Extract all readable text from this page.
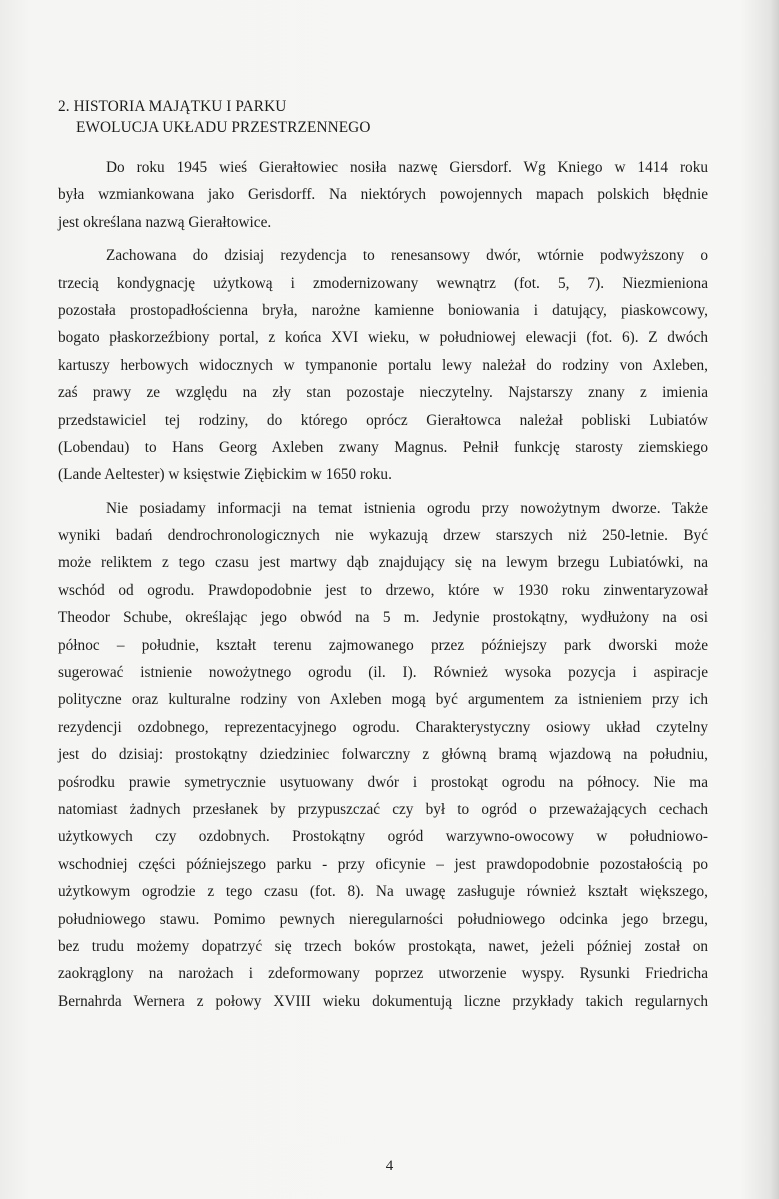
2. HISTORIA MAJĄTKU I PARKU
EWOLUCJA UKŁADU PRZESTRZENNEGO
Do roku 1945 wieś Gierałtowiec nosiła nazwę Giersdorf. Wg Kniego w 1414 roku
była wzmiankowana jako Gerisdorff. Na niektórych powojennych mapach polskich błędnie
jest określana nazwą Gierałtowice.
Zachowana do dzisiaj rezydencja to renesansowy dwór, wtórnie podwyższony o
trzecią kondygnację użytkową i zmodernizowany wewnątrz (fot. 5, 7). Niezmieniona
pozostała prostopadłościenna bryła, narożne kamienne boniowania i datujący, piaskowcowy,
bogato płaskorzeźbiony portal, z końca XVI wieku, w południowej elewacji (fot. 6). Z dwóch
kartuszy herbowych widocznych w tympanonie portalu lewy należał do rodziny von Axleben,
zaś prawy ze względu na zły stan pozostaje nieczytelny. Najstarszy znany z imienia
przedstawiciel tej rodziny, do którego oprócz Gierałtowca należał pobliski Lubiatów
(Lobendau) to Hans Georg Axleben zwany Magnus. Pełnił funkcję starosty ziemskiego
(Lande Aeltester) w księstwie Ziębickim w 1650 roku.
Nie posiadamy informacji na temat istnienia ogrodu przy nowożytnym dworze. Także
wyniki badań dendrochronologicznych nie wykazują drzew starszych niż 250-letnie. Być
może reliktem z tego czasu jest martwy dąb znajdujący się na lewym brzegu Lubiatówki, na
wschód od ogrodu. Prawdopodobnie jest to drzewo, które w 1930 roku zinwentaryzował
Theodor Schube, określając jego obwód na 5 m. Jedynie prostokątny, wydłużony na osi
północ – południe, kształt terenu zajmowanego przez późniejszy park dworski może
sugerować istnienie nowożytnego ogrodu (il. I). Również wysoka pozycja i aspiracje
polityczne oraz kulturalne rodziny von Axleben mogą być argumentem za istnieniem przy ich
rezydencji ozdobnego, reprezentacyjnego ogrodu. Charakterystyczny osiowy układ czytelny
jest do dzisiaj: prostokątny dziedziniec folwarczny z główną bramą wjazdową na południu,
pośrodku prawie symetrycznie usytuowany dwór i prostokąt ogrodu na północy. Nie ma
natomiast żadnych przesłanek by przypuszczać czy był to ogród o przeważających cechach
użytkowych czy ozdobnych. Prostokątny ogród warzywno-owocowy w południowo-
wschodniej części późniejszego parku - przy oficynie – jest prawdopodobnie pozostałością po
użytkowym ogrodzie z tego czasu (fot. 8). Na uwagę zasługuje również kształt większego,
południowego stawu. Pomimo pewnych nieregularności południowego odcinka jego brzegu,
bez trudu możemy dopatrzyć się trzech boków prostokąta, nawet, jeżeli później został on
zaokrąglony na narożach i zdeformowany poprzez utworzenie wyspy. Rysunki Friedricha
Bernahrda Wernera z połowy XVIII wieku dokumentują liczne przykłady takich regularnych
4
